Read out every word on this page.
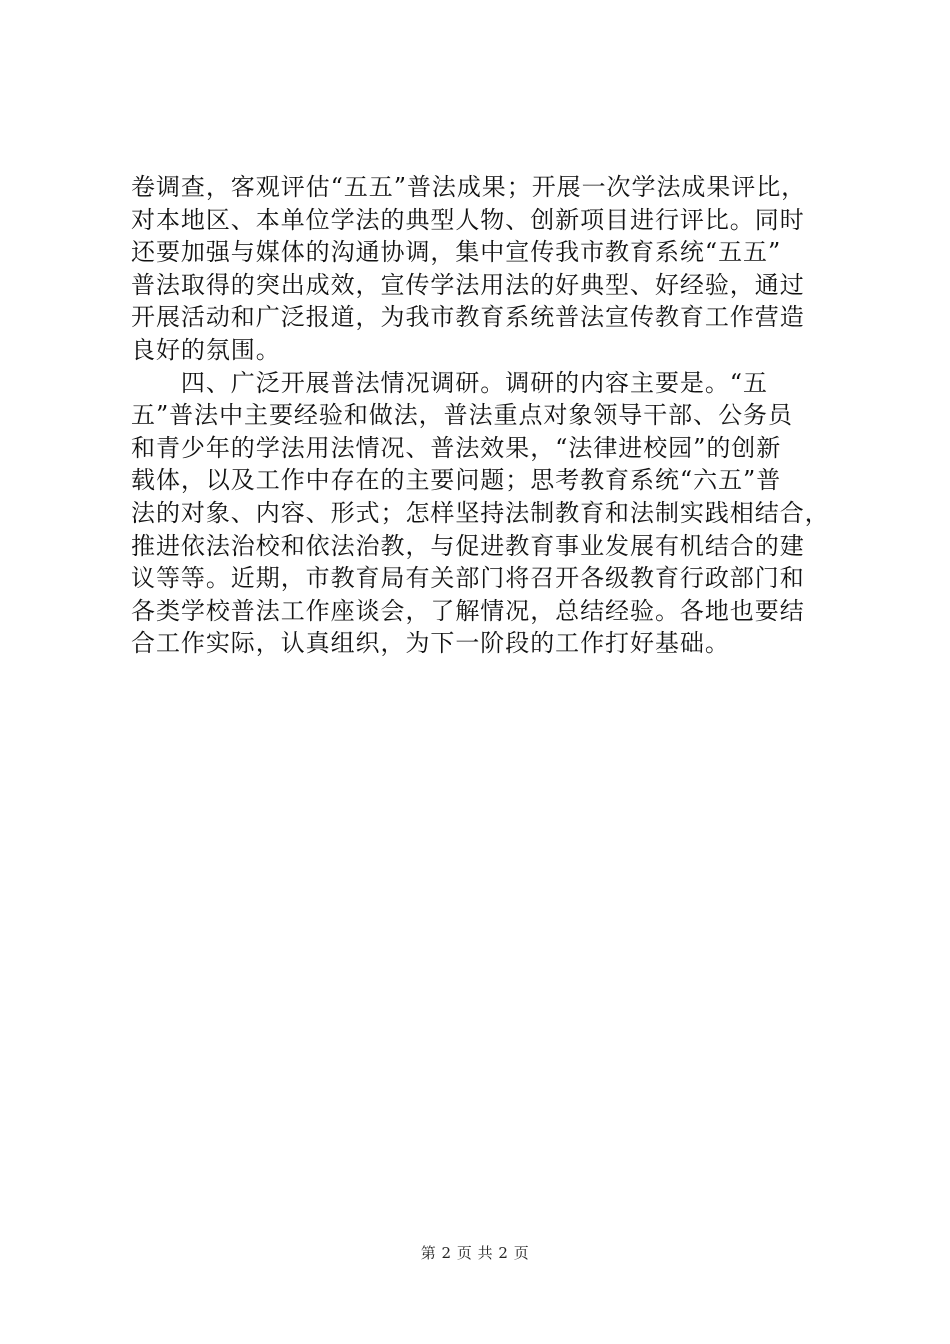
卷调查，客观评估“五五”普法成果；开展一次学法成果评比，
对本地区、本单位学法的典型人物、创新项目进行评比。同时
还要加强与媒体的沟通协调，集中宣传我市教育系统“五五”
普法取得的突出成效，宣传学法用法的好典型、好经验，通过
开展活动和广泛报道，为我市教育系统普法宣传教育工作营造
良好的氛围。
　　四、广泛开展普法情况调研。调研的内容主要是。“五
五”普法中主要经验和做法，普法重点对象领导干部、公务员
和青少年的学法用法情况、普法效果，“法律进校园”的创新
载体，以及工作中存在的主要问题；思考教育系统“六五”普
法的对象、内容、形式；怎样坚持法制教育和法制实践相结合，
推进依法治校和依法治教，与促进教育事业发展有机结合的建
议等等。近期，市教育局有关部门将召开各级教育行政部门和
各类学校普法工作座谈会，了解情况，总结经验。各地也要结
合工作实际，认真组织，为下一阶段的工作打好基础。
第 2 页 共 2 页
